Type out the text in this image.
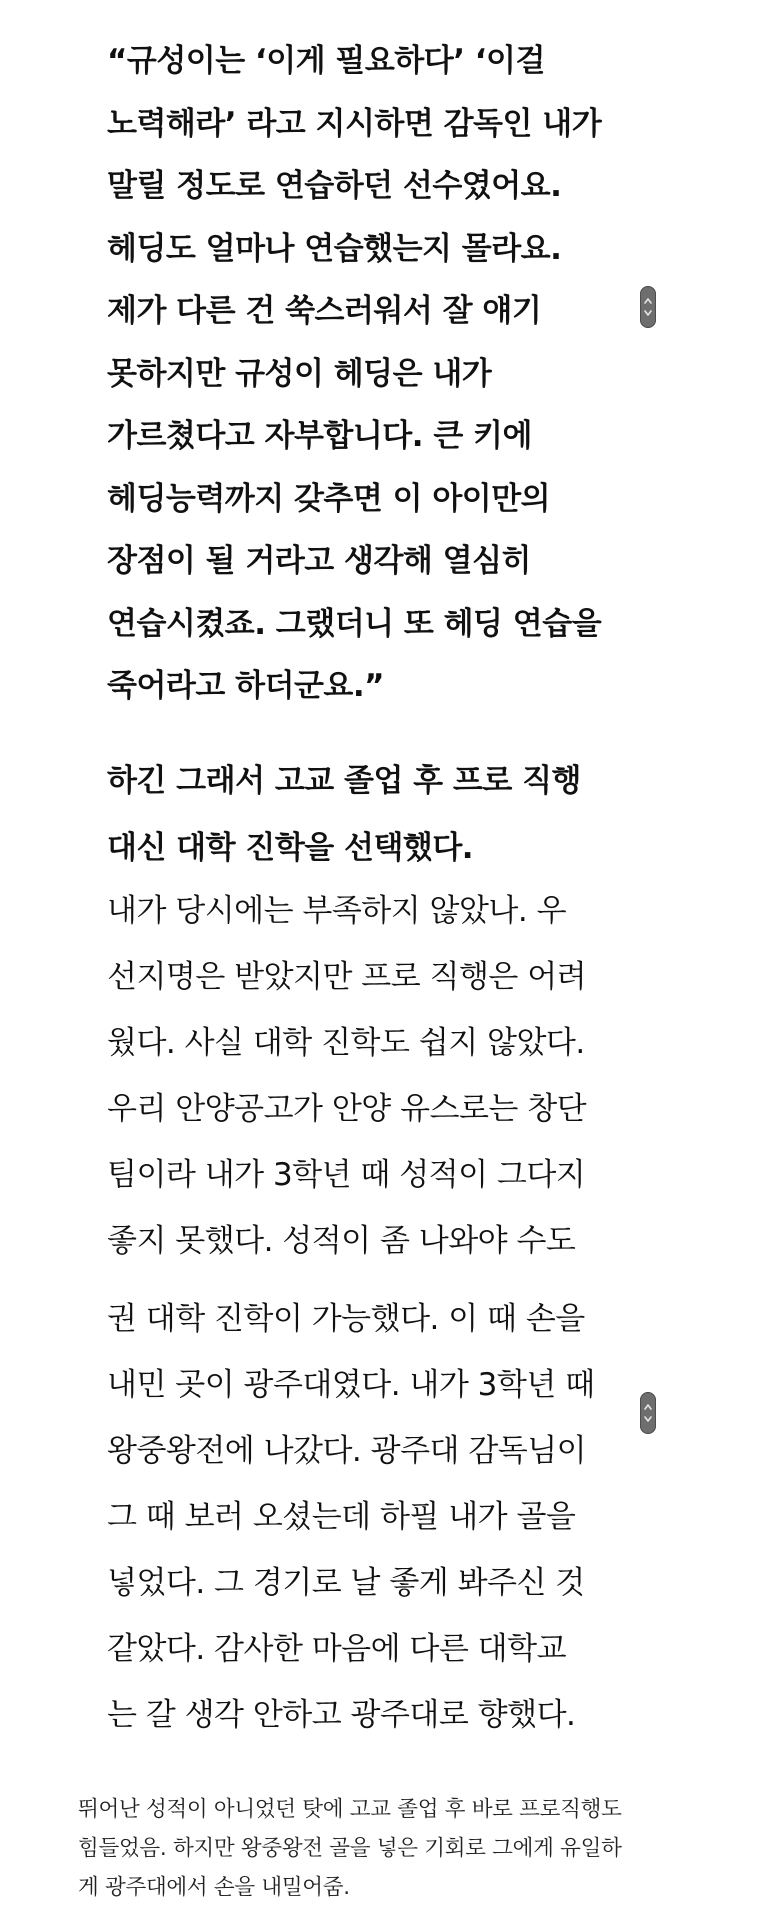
“규성이는 ‘이게 필요하다’ ‘이걸
노력해라’ 라고 지시하면 감독인 내가
말릴 정도로 연습하던 선수였어요.
헤딩도 얼마나 연습했는지 몰라요.
제가 다른 건 쑥스러워서 잘 얘기
못하지만 규성이 헤딩은 내가
가르쳤다고 자부합니다. 큰 키에
헤딩능력까지 갖추면 이 아이만의
장점이 될 거라고 생각해 열심히
연습시켰죠. 그랬더니 또 헤딩 연습을
죽어라고 하더군요.”
하긴 그래서 고교 졸업 후 프로 직행
대신 대학 진학을 선택했다.
내가 당시에는 부족하지 않았나. 우
선지명은 받았지만 프로 직행은 어려
웠다. 사실 대학 진학도 쉽지 않았다.
우리 안양공고가 안양 유스로는 창단
팀이라 내가 3학년 때 성적이 그다지
좋지 못했다. 성적이 좀 나와야 수도
권 대학 진학이 가능했다. 이 때 손을
내민 곳이 광주대였다. 내가 3학년 때
왕중왕전에 나갔다. 광주대 감독님이
그 때 보러 오셨는데 하필 내가 골을
넣었다. 그 경기로 날 좋게 봐주신 것
같았다. 감사한 마음에 다른 대학교
는 갈 생각 안하고 광주대로 향했다.
뛰어난 성적이 아니었던 탓에 고교 졸업 후 바로 프로직행도
힘들었음. 하지만 왕중왕전 골을 넣은 기회로 그에게 유일하
게 광주대에서 손을 내밀어줌.
